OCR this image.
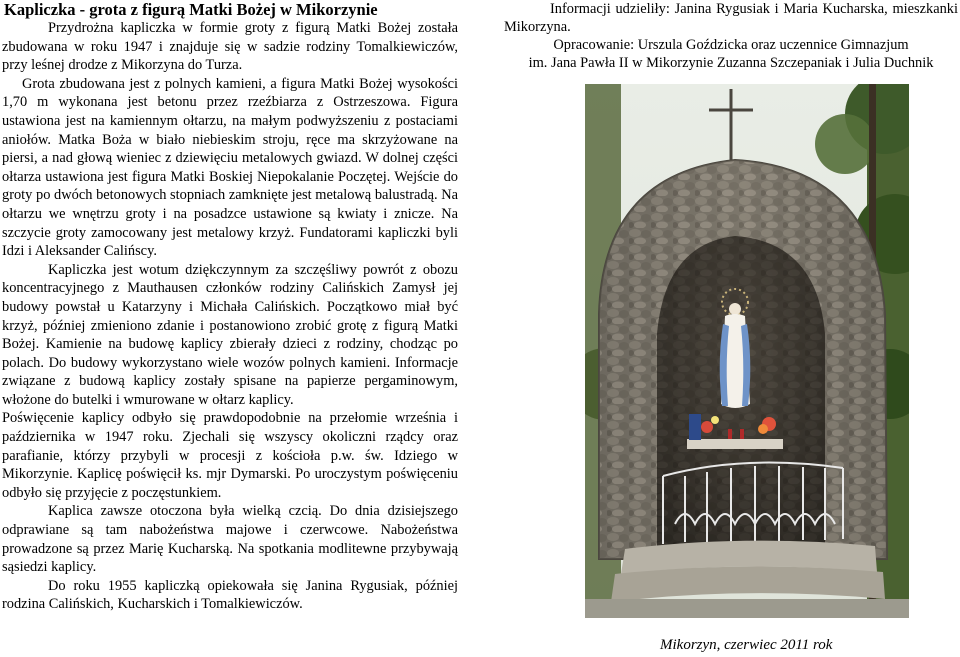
Kapliczka - grota z figurą Matki Bożej w Mikorzynie

Przydrożna kapliczka w formie groty z figurą Matki Bożej została zbudowana w roku 1947 i znajduje się w sadzie rodziny Tomalkiewiczów, przy leśnej drodze z Mikorzyna do Turza.

Grota zbudowana jest z polnych kamieni, a figura Matki Bożej wysokości 1,70 m wykonana jest betonu przez rzeźbiarza z Ostrzeszowa. Figura ustawiona jest na kamiennym ołtarzu, na małym podwyższeniu z postaciami aniołów. Matka Boża w biało niebieskim stroju, ręce ma skrzyżowane na piersi, a nad głową wieniec z dziewięciu metalowych gwiazd. W dolnej części ołtarza ustawiona jest figura Matki Boskiej Niepokalanie Poczętej. Wejście do groty po dwóch betonowych stopniach zamknięte jest metalową balustradą. Na ołtarzu we wnętrzu groty i na posadzce ustawione są kwiaty i znicze. Na szczycie groty zamocowany jest metalowy krzyż. Fundatorami kapliczki byli Idzi i Aleksander Calińscy.

Kapliczka jest wotum dziękczynnym za szczęśliwy powrót z obozu koncentracyjnego z Mauthausen członków rodziny Calińskich Zamysł jej budowy powstał u Katarzyny i Michała Calińskich. Początkowo miał być krzyż, później zmieniono zdanie i postanowiono zrobić grotę z figurą Matki Bożej. Kamienie na budowę kaplicy zbierały dzieci z rodziny, chodząc po polach. Do budowy wykorzystano wiele wozów polnych kamieni. Informacje związane z budową kaplicy zostały spisane na papierze pergaminowym, włożone do butelki i wmurowane w ołtarz kaplicy.

Poświęcenie kaplicy odbyło się prawdopodobnie na przełomie września i października w 1947 roku. Zjechali się wszyscy okoliczni rządcy oraz parafianie, którzy przybyli w procesji z kościoła p.w. św. Idziego w Mikorzynie. Kaplicę poświęcił ks. mjr Dymarski. Po uroczystym poświęceniu odbyło się przyjęcie z poczęstunkiem.

Kaplica zawsze otoczona była wielką czcią. Do dnia dzisiejszego odprawiane są tam nabożeństwa majowe i czerwcowe. Nabożeństwa prowadzone są przez Marię Kucharską. Na spotkania modlitewne przybywają sąsiedzi kaplicy.

Do roku 1955 kapliczką opiekowała się Janina Rygusiak, później rodzina Calińskich, Kucharskich i Tomalkiewiczów.

Informacji udzieliły: Janina Rygusiak i Maria Kucharska, mieszkanki Mikorzyna.

Opracowanie: Urszula Goździcka oraz uczennice Gimnazjum

im. Jana Pawła II w Mikorzynie Zuzanna Szczepaniak i Julia Duchnik

Mikorzyn, czerwiec 2011 rok
